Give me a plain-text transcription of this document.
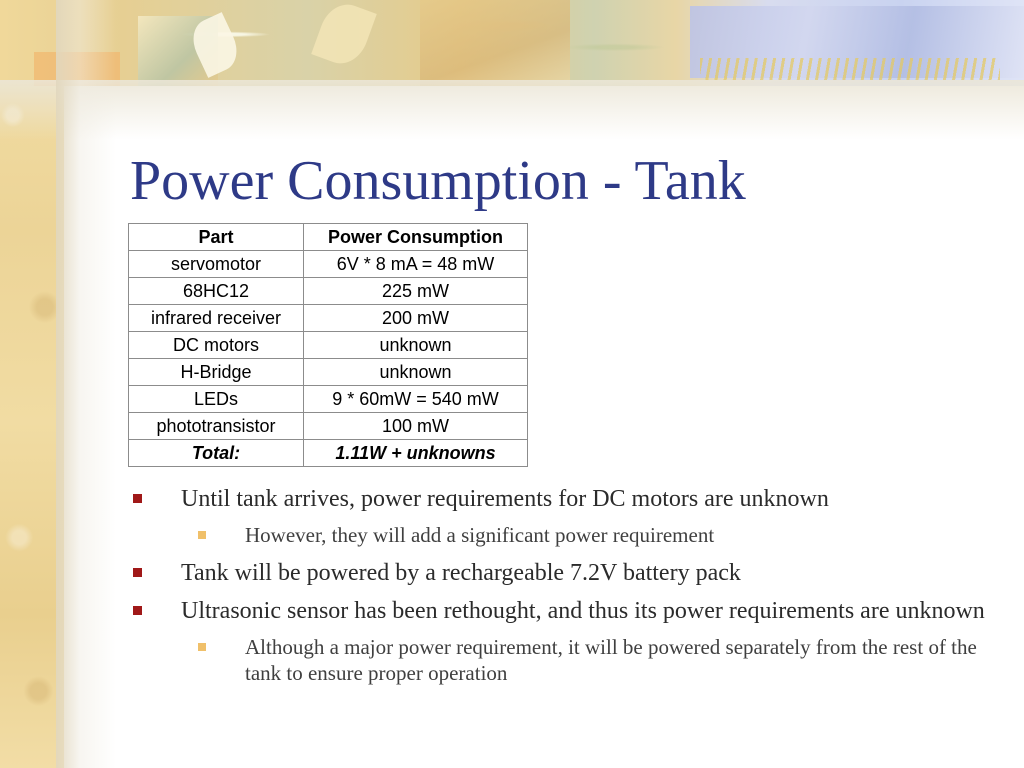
Power Consumption - Tank
Part	Power Consumption
servomotor	6V * 8 mA = 48 mW
68HC12	225 mW
infrared receiver	200 mW
DC motors	unknown
H-Bridge	unknown
LEDs	9 * 60mW = 540 mW
phototransistor	100 mW
Total:	1.11W + unknowns
Until tank arrives, power requirements for DC motors are unknown
However, they will add a significant power requirement
Tank will be powered by a rechargeable 7.2V battery pack
Ultrasonic sensor has been rethought, and thus its power requirements are unknown
Although a major power requirement, it will be powered separately from the rest of the tank to ensure proper operation
